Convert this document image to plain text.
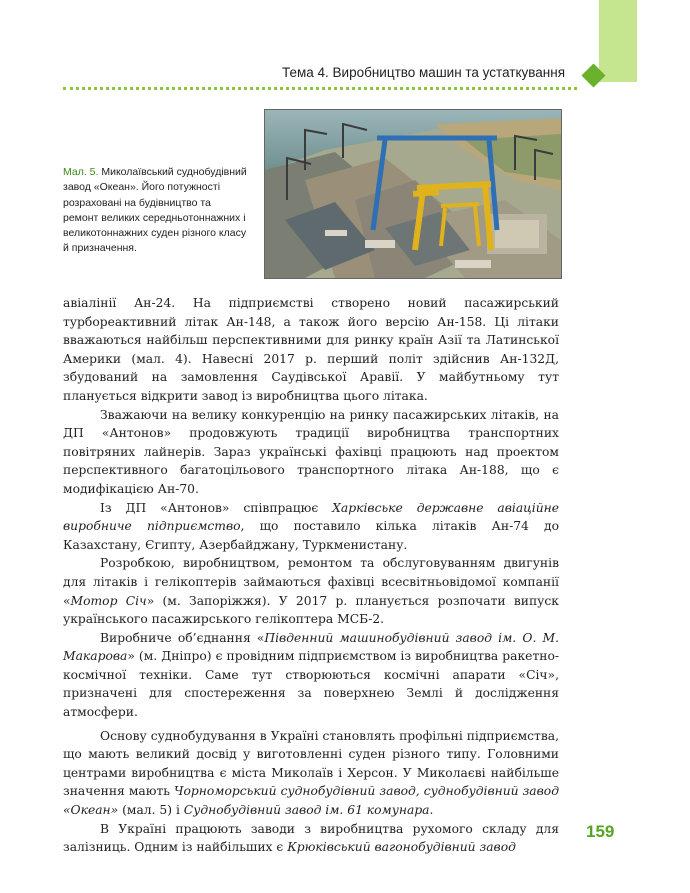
Тема 4. Виробництво машин та устаткування
Мал. 5. Миколаївський суднобудівний завод «Океан». Його потужності розраховані на будівництво та ремонт великих середньотоннажних і великотоннажних суден різного класу й призначення.

авіалінії Ан-24. На підприємстві створено новий пасажирський турбореактивний літак Ан-148, а також його версію Ан-158. Ці літаки вважаються найбільш перспективними для ринку країн Азії та Латинської Америки (мал. 4). Навесні 2017 р. перший політ здійснив Ан-132Д, збудований на замовлення Саудівської Аравії. У майбутньому тут планується відкрити завод із виробництва цього літака.

Зважаючи на велику конкуренцію на ринку пасажирських літаків, на ДП «Антонов» продовжують традиції виробництва транспортних повітряних лайнерів. Зараз українські фахівці працюють над проектом перспективного багатоцільового транспортного літака Ан-188, що є модифікацією Ан-70.

Із ДП «Антонов» співпрацює Харківське державне авіаційне виробниче підприємство, що поставило кілька літаків Ан-74 до Казахстану, Єгипту, Азербайджану, Туркменистану.

Розробкою, виробництвом, ремонтом та обслуговуванням двигунів для літаків і гелікоптерів займаються фахівці всесвітньовідомої компанії «Мотор Січ» (м. Запоріжжя). У 2017 р. планується розпочати випуск українського пасажирського гелікоптера МСБ-2.

Виробниче об’єднання «Південний машинобудівний завод ім. О. М. Макарова» (м. Дніпро) є провідним підприємством із виробництва ракетно-космічної техніки. Саме тут створюються космічні апарати «Січ», призначені для спостереження за поверхнею Землі й дослідження атмосфери.

Основу суднобудування в Україні становлять профільні підприємства, що мають великий досвід у виготовленні суден різного типу. Головними центрами виробництва є міста Миколаїв і Херсон. У Миколаєві найбільше значення мають Чорноморський суднобудівний завод, суднобудівний завод «Океан» (мал. 5) і Суднобудівний завод ім. 61 комунара.

В Україні працюють заводи з виробництва рухомого складу для залізниць. Одним із найбільших є Крюківський вагонобудівний завод

159
